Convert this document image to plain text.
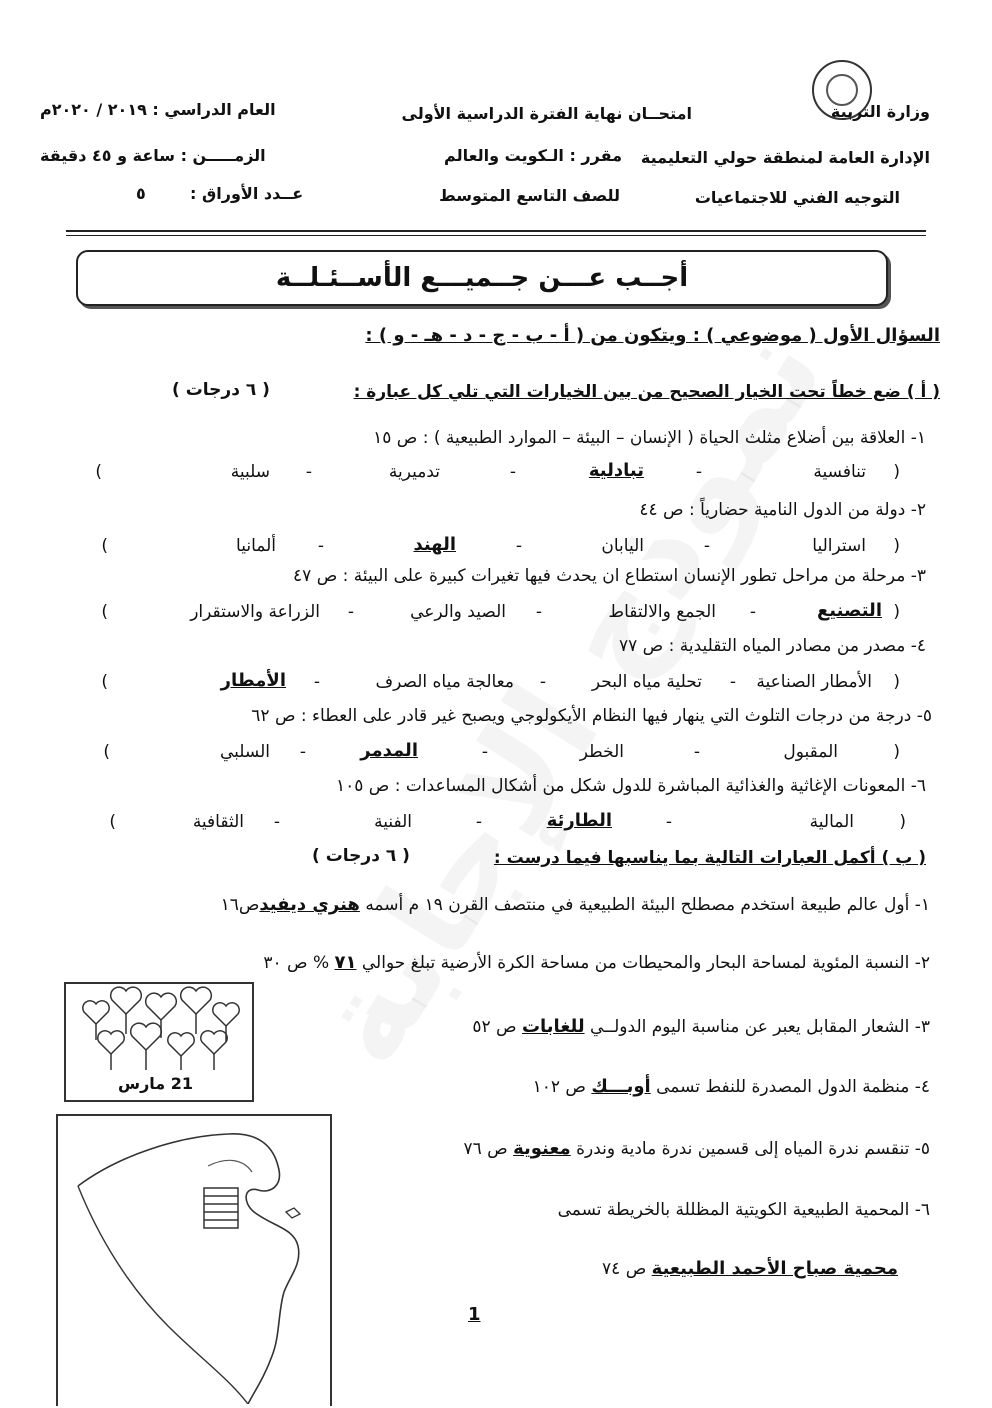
وزارة التربية
امتحــان نهاية الفترة الدراسية الأولى
العام الدراسي : ٢٠١٩ / ٢٠٢٠م
الإدارة العامة لمنطقة حولي التعليمية
مقرر : الـكويت والعالم
الزمـــــن : ساعة و ٤٥ دقيقة
التوجيه الفني للاجتماعيات
للصف التاسع المتوسط
عــدد الأوراق :
٥
أجــب عـــن جــميـــع الأســئـلــة
السؤال الأول ( موضوعي ) : ويتكون من ( أ - ب - ج - د - هـ - و ) :
( أ ) ضع خطاً تحت الخيار الصحيح من بين الخيارات التي تلي كل عبارة :
( ٦ درجات )
١- العلاقة بين أضلاع مثلث الحياة ( الإنسان – البيئة – الموارد الطبيعية ) : ص ١٥
(
تنافسية
-
تبادلية
-
تدميرية
-
سلبية
)
٢- دولة من الدول النامية حضارياً : ص ٤٤
(
استراليا
-
اليابان
-
الهند
-
ألمانيا
)
٣- مرحلة من مراحل تطور الإنسان استطاع ان يحدث فيها تغيرات كبيرة على البيئة : ص ٤٧
(
التصنيع
-
الجمع والالتقاط
-
الصيد والرعي
-
الزراعة والاستقرار
)
٤- مصدر من مصادر المياه التقليدية : ص ٧٧
(
الأمطار الصناعية
-
تحلية مياه البحر
-
معالجة مياه الصرف
-
الأمطار
)
٥- درجة من درجات التلوث التي ينهار فيها النظام الأيكولوجي ويصبح غير قادر على العطاء : ص ٦٢
(
المقبول
-
الخطر
-
المدمر
-
السلبي
)
٦- المعونات الإغاثية والغذائية المباشرة للدول شكل من أشكال المساعدات : ص ١٠٥
(
المالية
-
الطارئة
-
الفنية
-
الثقافية
)
( ب ) أكمل العبارات التالية بما يناسبها فيما درست :
( ٦ درجات )
١- أول عالم طبيعة استخدم مصطلح البيئة الطبيعية في منتصف القرن ١٩ م أسمه هنري ديفيدص١٦
٢- النسبة المئوية لمساحة البحار والمحيطات من مساحة الكرة الأرضية تبلغ حوالي ٧١ % ص ٣٠
٣- الشعار المقابل يعبر عن مناسبة اليوم الدولــي للغابات ص ٥٢
٤- منظمة الدول المصدرة للنفط تسمى أوبـــك ص ١٠٢
٥- تنقسم ندرة المياه إلى قسمين ندرة مادية وندرة معنوية ص ٧٦
٦- المحمية الطبيعية الكويتية المظللة بالخريطة تسمى
محمية صباح الأحمد الطبيعية ص ٧٤
21 مارس
1
